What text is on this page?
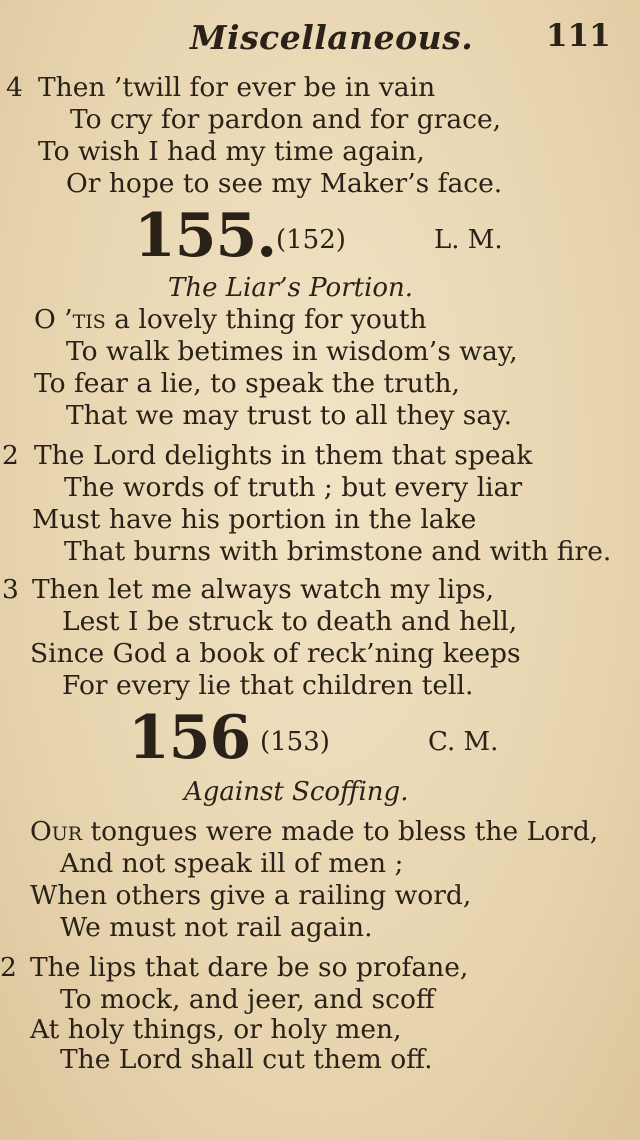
Miscellaneous. 111
4 Then ’twill for ever be in vain
To cry for pardon and for grace,
To wish I had my time again,
Or hope to see my Maker’s face.
155. (152)	L. M.
The Liar’s Portion.
O ’tis a lovely thing for youth
To walk betimes in wisdom’s way,
To fear a lie, to speak the truth,
That we may trust to all they say.
2 The Lord delights in them that speak
The words of truth ; but every liar
Must have his portion in the lake
That burns with brimstone and with fire.
3 Then let me always watch my lips,
Lest I be struck to death and hell,
Since God a book of reck’ning keeps
For every lie that children tell.
156 (153)	C. M.
Against Scoffing.
Our tongues were made to bless the Lord,
And not speak ill of men ;
When others give a railing word,
We must not rail again.
2 The lips that dare be so profane,
To mock, and jeer, and scoff
At holy things, or holy men,
The Lord shall cut them off.
